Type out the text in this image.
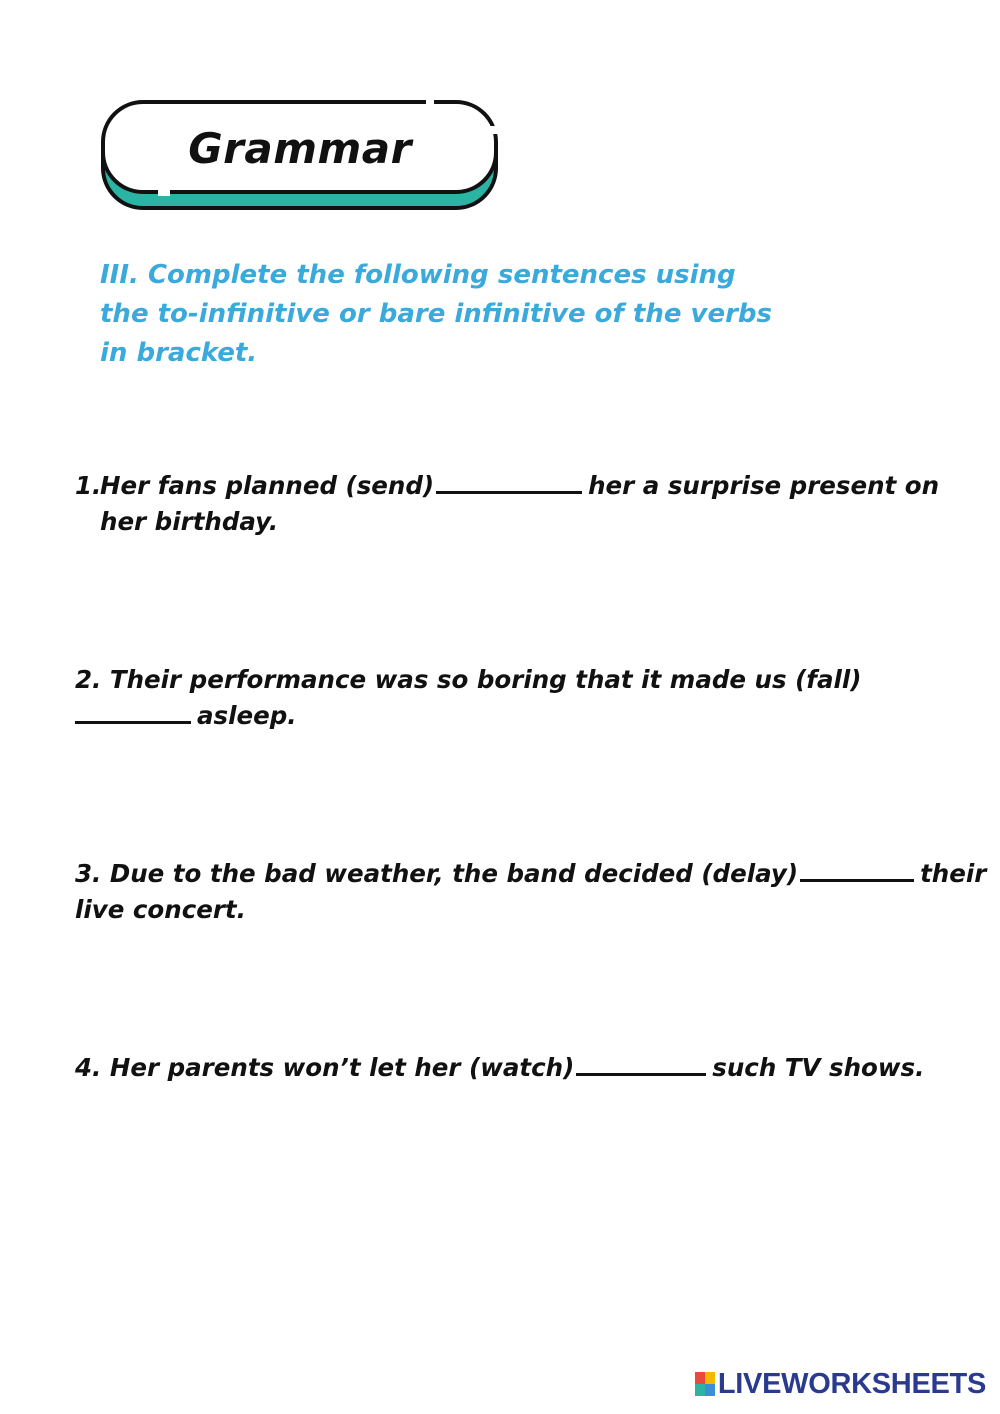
Grammar
III. Complete the following sentences using
the to-infinitive or bare infinitive of the verbs
in bracket.
1.Her fans planned (send)	her a surprise present on
her birthday.
2. Their performance was so boring that it made us (fall)
asleep.
3. Due to the bad weather, the band decided (delay)	their
live concert.
4. Her parents won’t let her (watch)	such TV shows.
LIVEWORKSHEETS
